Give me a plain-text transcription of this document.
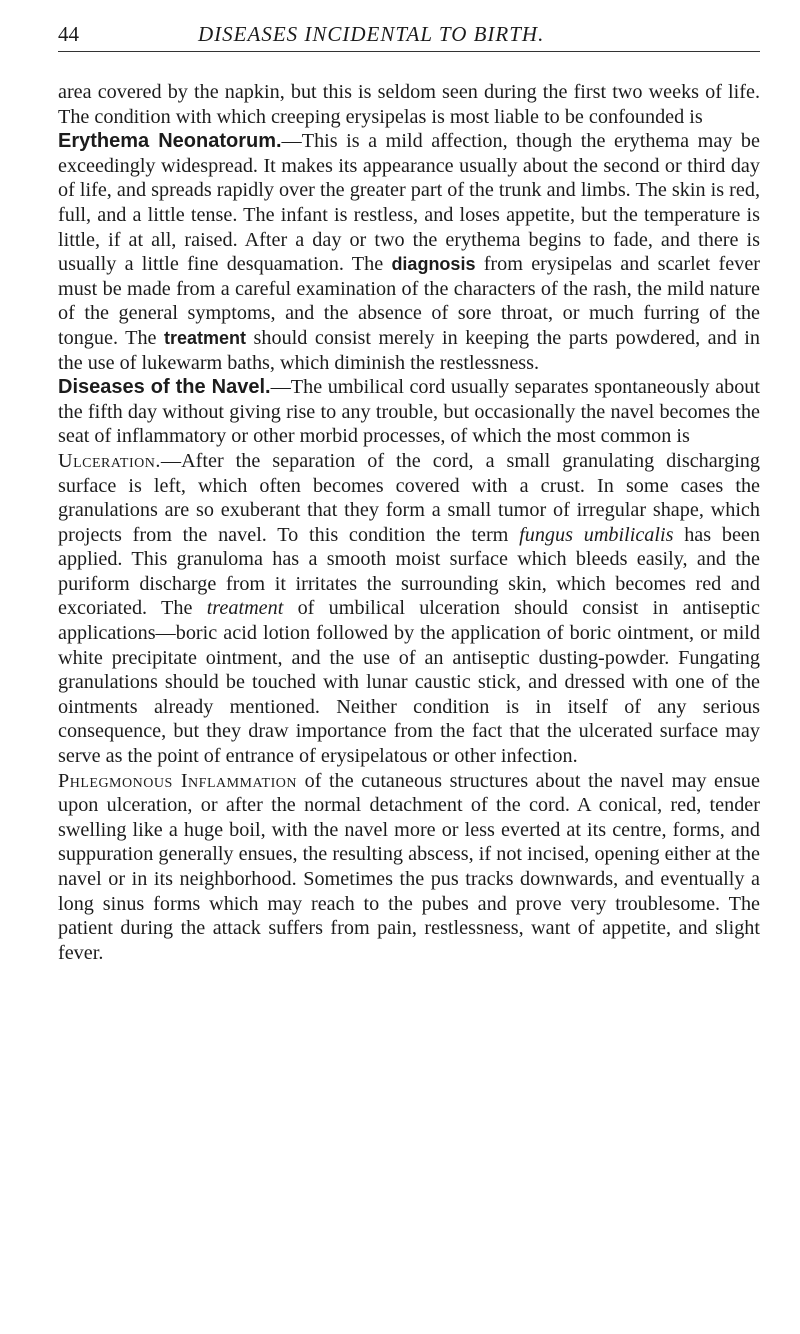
44	DISEASES INCIDENTAL TO BIRTH.

area covered by the napkin, but this is seldom seen during the first two weeks of life. The condition with which creeping erysipelas is most liable to be confounded is

Erythema Neonatorum.—This is a mild affection, though the erythema may be exceedingly widespread. It makes its appearance usually about the second or third day of life, and spreads rapidly over the greater part of the trunk and limbs. The skin is red, full, and a little tense. The infant is restless, and loses appetite, but the temperature is little, if at all, raised. After a day or two the erythema begins to fade, and there is usually a little fine desquamation. The diagnosis from erysipelas and scarlet fever must be made from a careful examination of the characters of the rash, the mild nature of the general symptoms, and the absence of sore throat, or much furring of the tongue. The treatment should consist merely in keeping the parts powdered, and in the use of lukewarm baths, which diminish the restlessness.

Diseases of the Navel.—The umbilical cord usually separates spontaneously about the fifth day without giving rise to any trouble, but occasionally the navel becomes the seat of inflammatory or other morbid processes, of which the most common is

Ulceration.—After the separation of the cord, a small granulating discharging surface is left, which often becomes covered with a crust. In some cases the granulations are so exuberant that they form a small tumor of irregular shape, which projects from the navel. To this condition the term fungus umbilicalis has been applied. This granuloma has a smooth moist surface which bleeds easily, and the puriform discharge from it irritates the surrounding skin, which becomes red and excoriated. The treatment of umbilical ulceration should consist in antiseptic applications—boric acid lotion followed by the application of boric ointment, or mild white precipitate ointment, and the use of an antiseptic dusting-powder. Fungating granulations should be touched with lunar caustic stick, and dressed with one of the ointments already mentioned. Neither condition is in itself of any serious consequence, but they draw importance from the fact that the ulcerated surface may serve as the point of entrance of erysipelatous or other infection.

Phlegmonous Inflammation of the cutaneous structures about the navel may ensue upon ulceration, or after the normal detachment of the cord. A conical, red, tender swelling like a huge boil, with the navel more or less everted at its centre, forms, and suppuration generally ensues, the resulting abscess, if not incised, opening either at the navel or in its neighborhood. Sometimes the pus tracks downwards, and eventually a long sinus forms which may reach to the pubes and prove very troublesome. The patient during the attack suffers from pain, restlessness, want of appetite, and slight fever.
